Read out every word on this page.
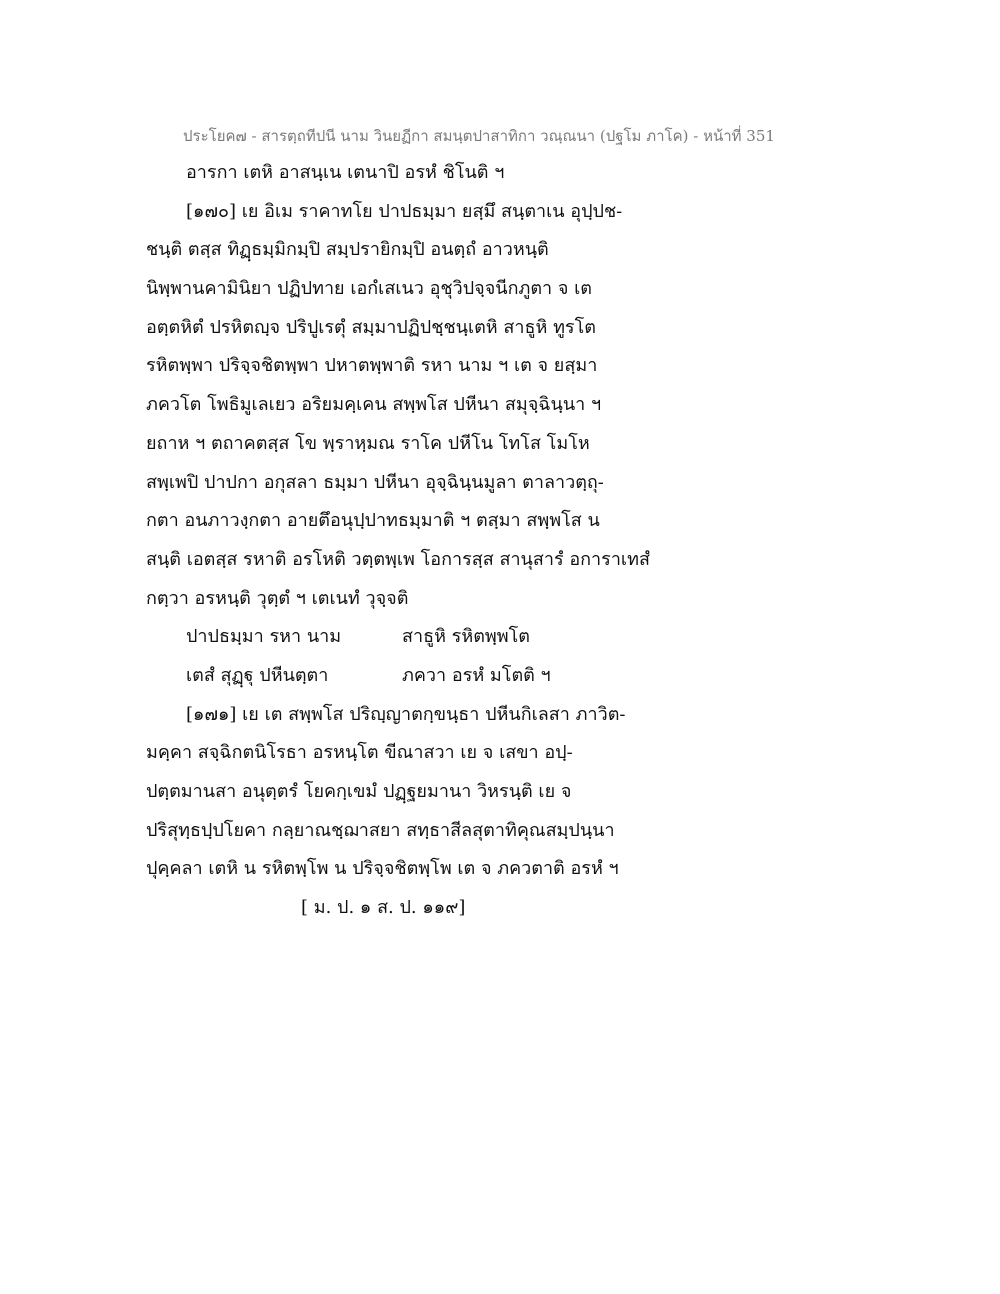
ประโยค๗ - สารตฺถทีปนี นาม วินยฏีกา สมนฺตปาสาทิกา วณฺณนา (ปฐโม ภาโค) - หน้าที่ 351
อารกา เตหิ อาสนฺเน เตนาปิ อรหํ ชิโนติ ฯ
[๑๗๐] เย อิเม ราคาทโย ปาปธมฺมา ยสฺมึ สนฺตาเน อุปฺปช-
ฺชนฺติ ตสฺส ทิฏฺธมฺมิกมฺปิ สมฺปรายิกมฺปิ อนตฺถํ อาวหนฺติ
นิพฺพานคามินิยา ปฏิปทาย เอกํเสเนว อุชุวิปจฺจนีกภูตา จ เต
อตฺตหิตํ ปรหิตญฺจ ปริปูเรตุํ สมฺมาปฏิปชฺชนฺเตหิ สาธูหิ ทูรโต
รหิตพฺพา ปริจฺจชิตพฺพา ปหาตพฺพาติ รหา นาม ฯ เต จ ยสฺมา
ภควโต โพธิมูเลเยว อริยมคฺเคน สพฺพโส ปหีนา สมุจฺฉินฺนา ฯ
ยถาห ฯ ตถาคตสฺส โข พฺราหฺมณ ราโค ปหีโน โทโส โมโห
สพฺเพปิ ปาปกา อกุสลา ธมฺมา ปหีนา อุจฺฉินฺนมูลา ตาลาวตฺถุ-
กตา อนภาวงฺกตา อายตึอนุปฺปาทธมฺมาติ ฯ ตสฺมา สพฺพโส น
สนฺติ เอตสฺส รหาติ อรโหติ วตฺตพฺเพ โอการสฺส สานุสารํ อการาเทสํ
กตฺวา อรหนฺติ วุตฺตํ ฯ เตเนทํ วุจฺจติ
ปาปธมฺมา รหา นาม	สาธูหิ รหิตพฺพโต
เตสํ สุฏฺฐุ ปหีนตฺตา	ภควา อรหํ มโตติ ฯ
[๑๗๑] เย เต สพฺพโส ปริญฺญาตกฺขนฺธา ปหีนกิเลสา ภาวิต-
มคฺคา สจฺฉิกตนิโรธา อรหนฺโต ขีณาสวา เย จ เสขา อปฺ-
ปตฺตมานสา อนุตฺตรํ โยคกฺเขมํ ปฏฺฐยมานา วิหรนฺติ เย จ
ปริสุทฺธปฺปโยคา กลฺยาณชฺฌาสยา สทฺธาสีลสุตาทิคุณสมฺปนฺนา
ปุคฺคลา เตหิ น รหิตพฺโพ น ปริจฺจชิตพฺโพ เต จ ภควตาติ อรหํ ฯ
[ ม. ป. ๑ ส. ป. ๑๑๙]
